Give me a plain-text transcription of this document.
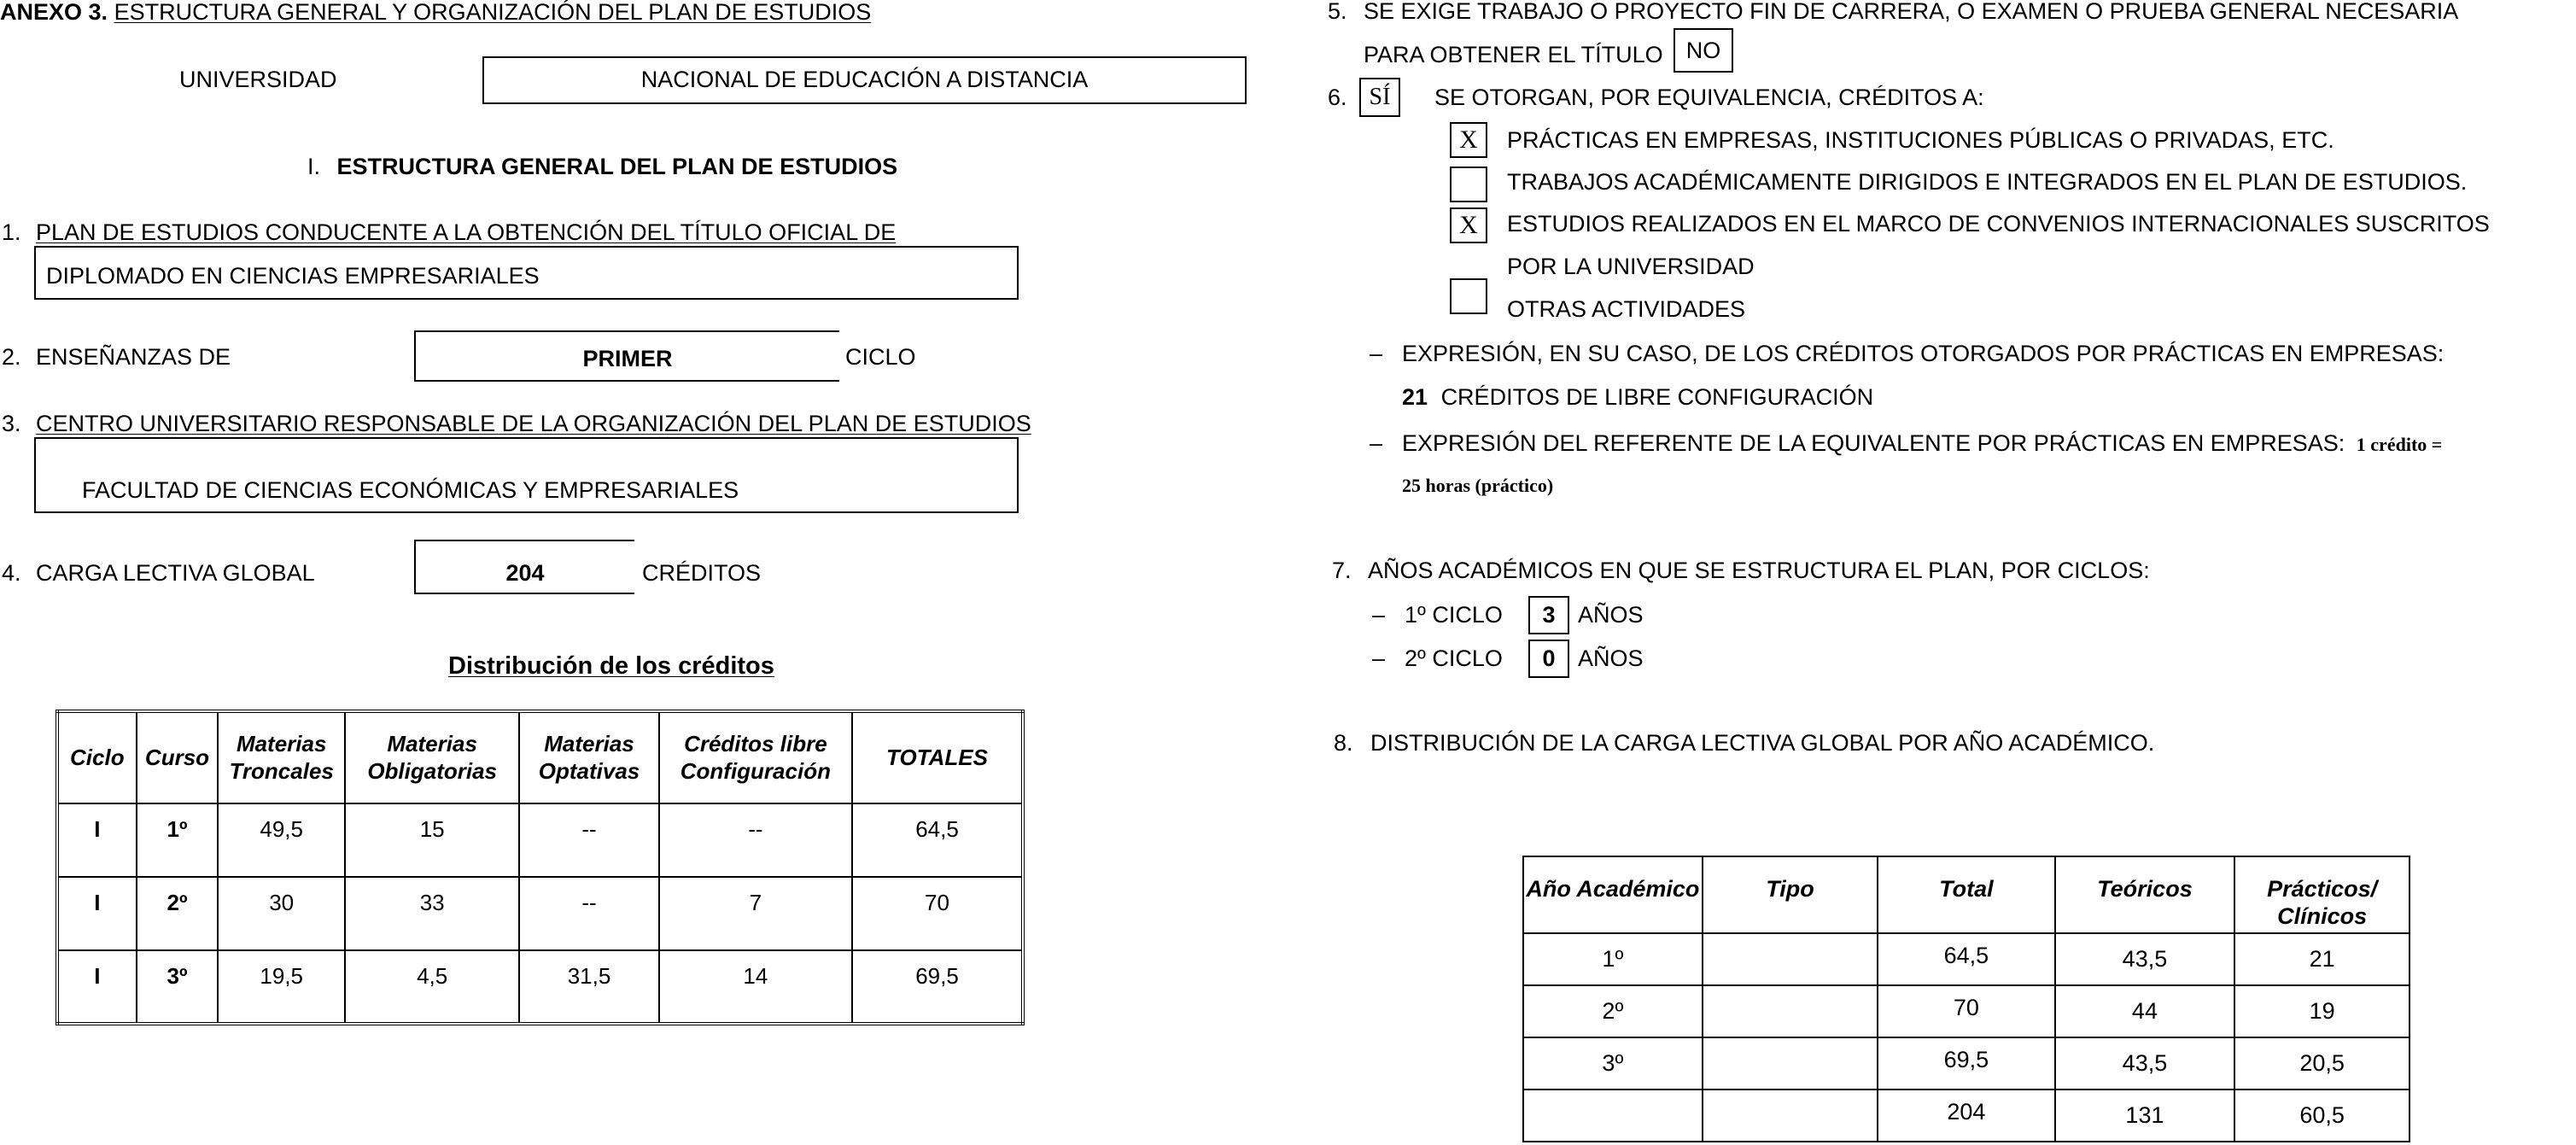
ANEXO 3. ESTRUCTURA GENERAL Y ORGANIZACIÓN DEL PLAN DE ESTUDIOS
UNIVERSIDAD	NACIONAL DE EDUCACIÓN A DISTANCIA
I. ESTRUCTURA GENERAL DEL PLAN DE ESTUDIOS
1. PLAN DE ESTUDIOS CONDUCENTE A LA OBTENCIÓN DEL TÍTULO OFICIAL DE
DIPLOMADO EN CIENCIAS EMPRESARIALES
2. ENSEÑANZAS DE	PRIMER	CICLO
3. CENTRO UNIVERSITARIO RESPONSABLE DE LA ORGANIZACIÓN DEL PLAN DE ESTUDIOS
FACULTAD DE CIENCIAS ECONÓMICAS Y EMPRESARIALES
4. CARGA LECTIVA GLOBAL	204	CRÉDITOS
Distribución de los créditos
Ciclo	Curso	Materias Troncales	Materias Obligatorias	Materias Optativas	Créditos libre Configuración	TOTALES
I	1º	49,5	15	--	--	64,5
I	2º	30	33	--	7	70
I	3º	19,5	4,5	31,5	14	69,5
5. SE EXIGE TRABAJO O PROYECTO FIN DE CARRERA, O EXAMEN O PRUEBA GENERAL NECESARIA
PARA OBTENER EL TÍTULO	NO
6. SÍ	SE OTORGAN, POR EQUIVALENCIA, CRÉDITOS A:
X	PRÁCTICAS EN EMPRESAS, INSTITUCIONES PÚBLICAS O PRIVADAS, ETC.
TRABAJOS ACADÉMICAMENTE DIRIGIDOS E INTEGRADOS EN EL PLAN DE ESTUDIOS.
X	ESTUDIOS REALIZADOS EN EL MARCO DE CONVENIOS INTERNACIONALES SUSCRITOS
POR LA UNIVERSIDAD
OTRAS ACTIVIDADES
– EXPRESIÓN, EN SU CASO, DE LOS CRÉDITOS OTORGADOS POR PRÁCTICAS EN EMPRESAS:
21 CRÉDITOS DE LIBRE CONFIGURACIÓN
– EXPRESIÓN DEL REFERENTE DE LA EQUIVALENTE POR PRÁCTICAS EN EMPRESAS: 1 crédito =
25 horas (práctico)
7. AÑOS ACADÉMICOS EN QUE SE ESTRUCTURA EL PLAN, POR CICLOS:
– 1º CICLO	3 AÑOS
– 2º CICLO	0 AÑOS
8. DISTRIBUCIÓN DE LA CARGA LECTIVA GLOBAL POR AÑO ACADÉMICO.
Año Académico	Tipo	Total	Teóricos	Prácticos/ Clínicos
1º		64,5	43,5	21
2º		70	44	19
3º		69,5	43,5	20,5
		204	131	60,5
